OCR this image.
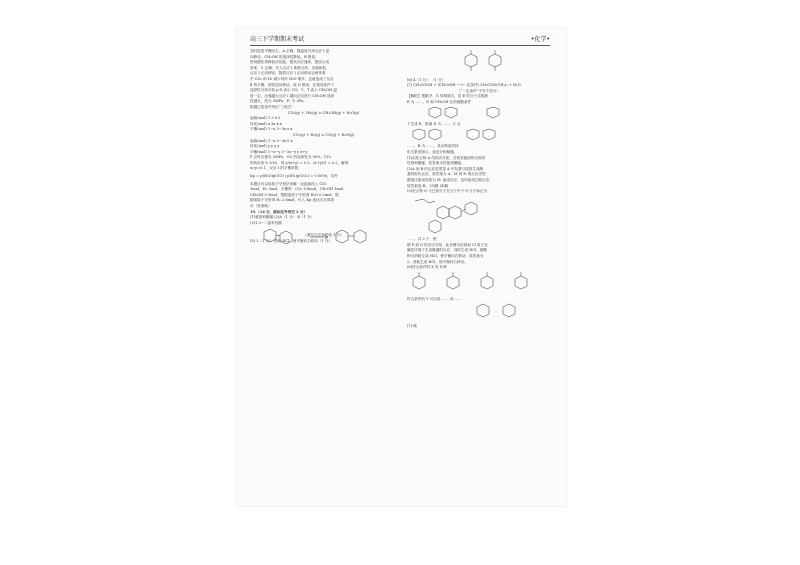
高三下学期期末考试	•化学•

变时促进平衡向右，A 正确；随温度升高反应 I 逆

向移动，CH₃OH 的选择性降低，B 错误；

使用催化剂降低活化能，提高反应速率，提高合成

效率，C 正确；充入反应 I 系数分析，压缩体积，

反应 I 正向移动，随着反应 I 正向移动会使体系

中 CO₂ 和 H₂ 减少同时 H₂O 增多，这就造成了反应

Ⅱ 的平衡，使其逆向移动。故 D 错误。在相同条件下

选择性分析可知 p-X 表示 CO，Y、T 表示 CH₃OH 温

度一定，压强越大反应 I 越向正向进行 CH₃OH 选择

性越大，故为 3MPa，P₁ 为 3Pa；

根据已知条件列出“三段式”：

CO₂(g) + 3H₂(g) ⇌ CH₃OH(g) + H₂O(g)

起始(mol) 1 3 0 0

转化(mol) x 3x x x

平衡(mol) 1−x 3−3x x x

CO₂(g) + H₂(g) ⇌ CO(g) + H₂O(g)

起始(mol) 1−x 3−3x 0 x

转化(mol) y y y y

平衡(mol) 1−x−y 3−3x−y y x+y

P 点时压强为 3MPa，CO 的选择性为 50%，CO₂

的转化率为 20%，则 y/(x+y) = 0.5，(x+y)/1 = 0.2，解得

x=y=0.1，反应 I 的平衡常数

Kp = p(H₂O)p(CO) / p(H₂)p(CO₂) = 0.0096，另外

本题还可以用原子守恒法来解：设起始投入 CO₂

1mol，H₂ 3mol，平衡时：CO₂ 0.8mol，CH₃OH 1mol

CH₃OH 0.1mol，根据氢原子守恒得 H₂O 0.2mol，根

据氧原子守恒得 H₂ 2.6mol，代入 Kp 表达式计算即

可（答案略）

19.（14 分，除标注外每空 2 分）

(1)氨基和醚键 (2)A（1 分） B（1 分）

(3)1,3−二氯苯丙酸

（漏写反应条件给 1 分）

(5) 2（1 分） 消耗 HCl，使平衡向右移动（1 分）

(6) 4（1 分） （1 分）

(7) CH₃COOH + (CH₃)₂NH ⟶(一定条件) CH₃CON(CH₃)₂ + H₂O

（“一定条件”不写不扣分）

【解析】根据 F、G 结构简式，及 E 的分子式推测

E 为 ……，D 和 CH₃OH 在浓硫酸条件

下生成 E，推测 D 为 ……，C 为

……，B 为 ……，其余物质的转

化关系见图示，表述分析解题。

(1)由化合物 A 结构式可知，含氧官能团的名称有

羟基和醚键，故答案为羟基和醚键。

(2)A 到 B 的反应类型是 A 中羟基与羧基生成酯

基的取代反应，故答案为 A；M 到 N 的反应类型

羰基还原成羟基为 H₂ 加成反应，也叫加成还原反应，

故答案选 B。 (3)略 (4)略

(5)化合物 Q 与已知分子在分子中于 Q 分子标记为

……，共 2 个，根

据 P 到 Q 的反应可知，此步骤为羟基和 Cl 原子在

碱性环境下生成醚键的反应，同时生成 HCl，碳酸

钾可消耗生成 HCl，使平衡向右移动，故答案为

2；消耗生成 HCl，使平衡向右移动。

(6)符合条件的 X 有 4 种

符合条件的 Y 可以是 …… 或 ……

(7) 略
